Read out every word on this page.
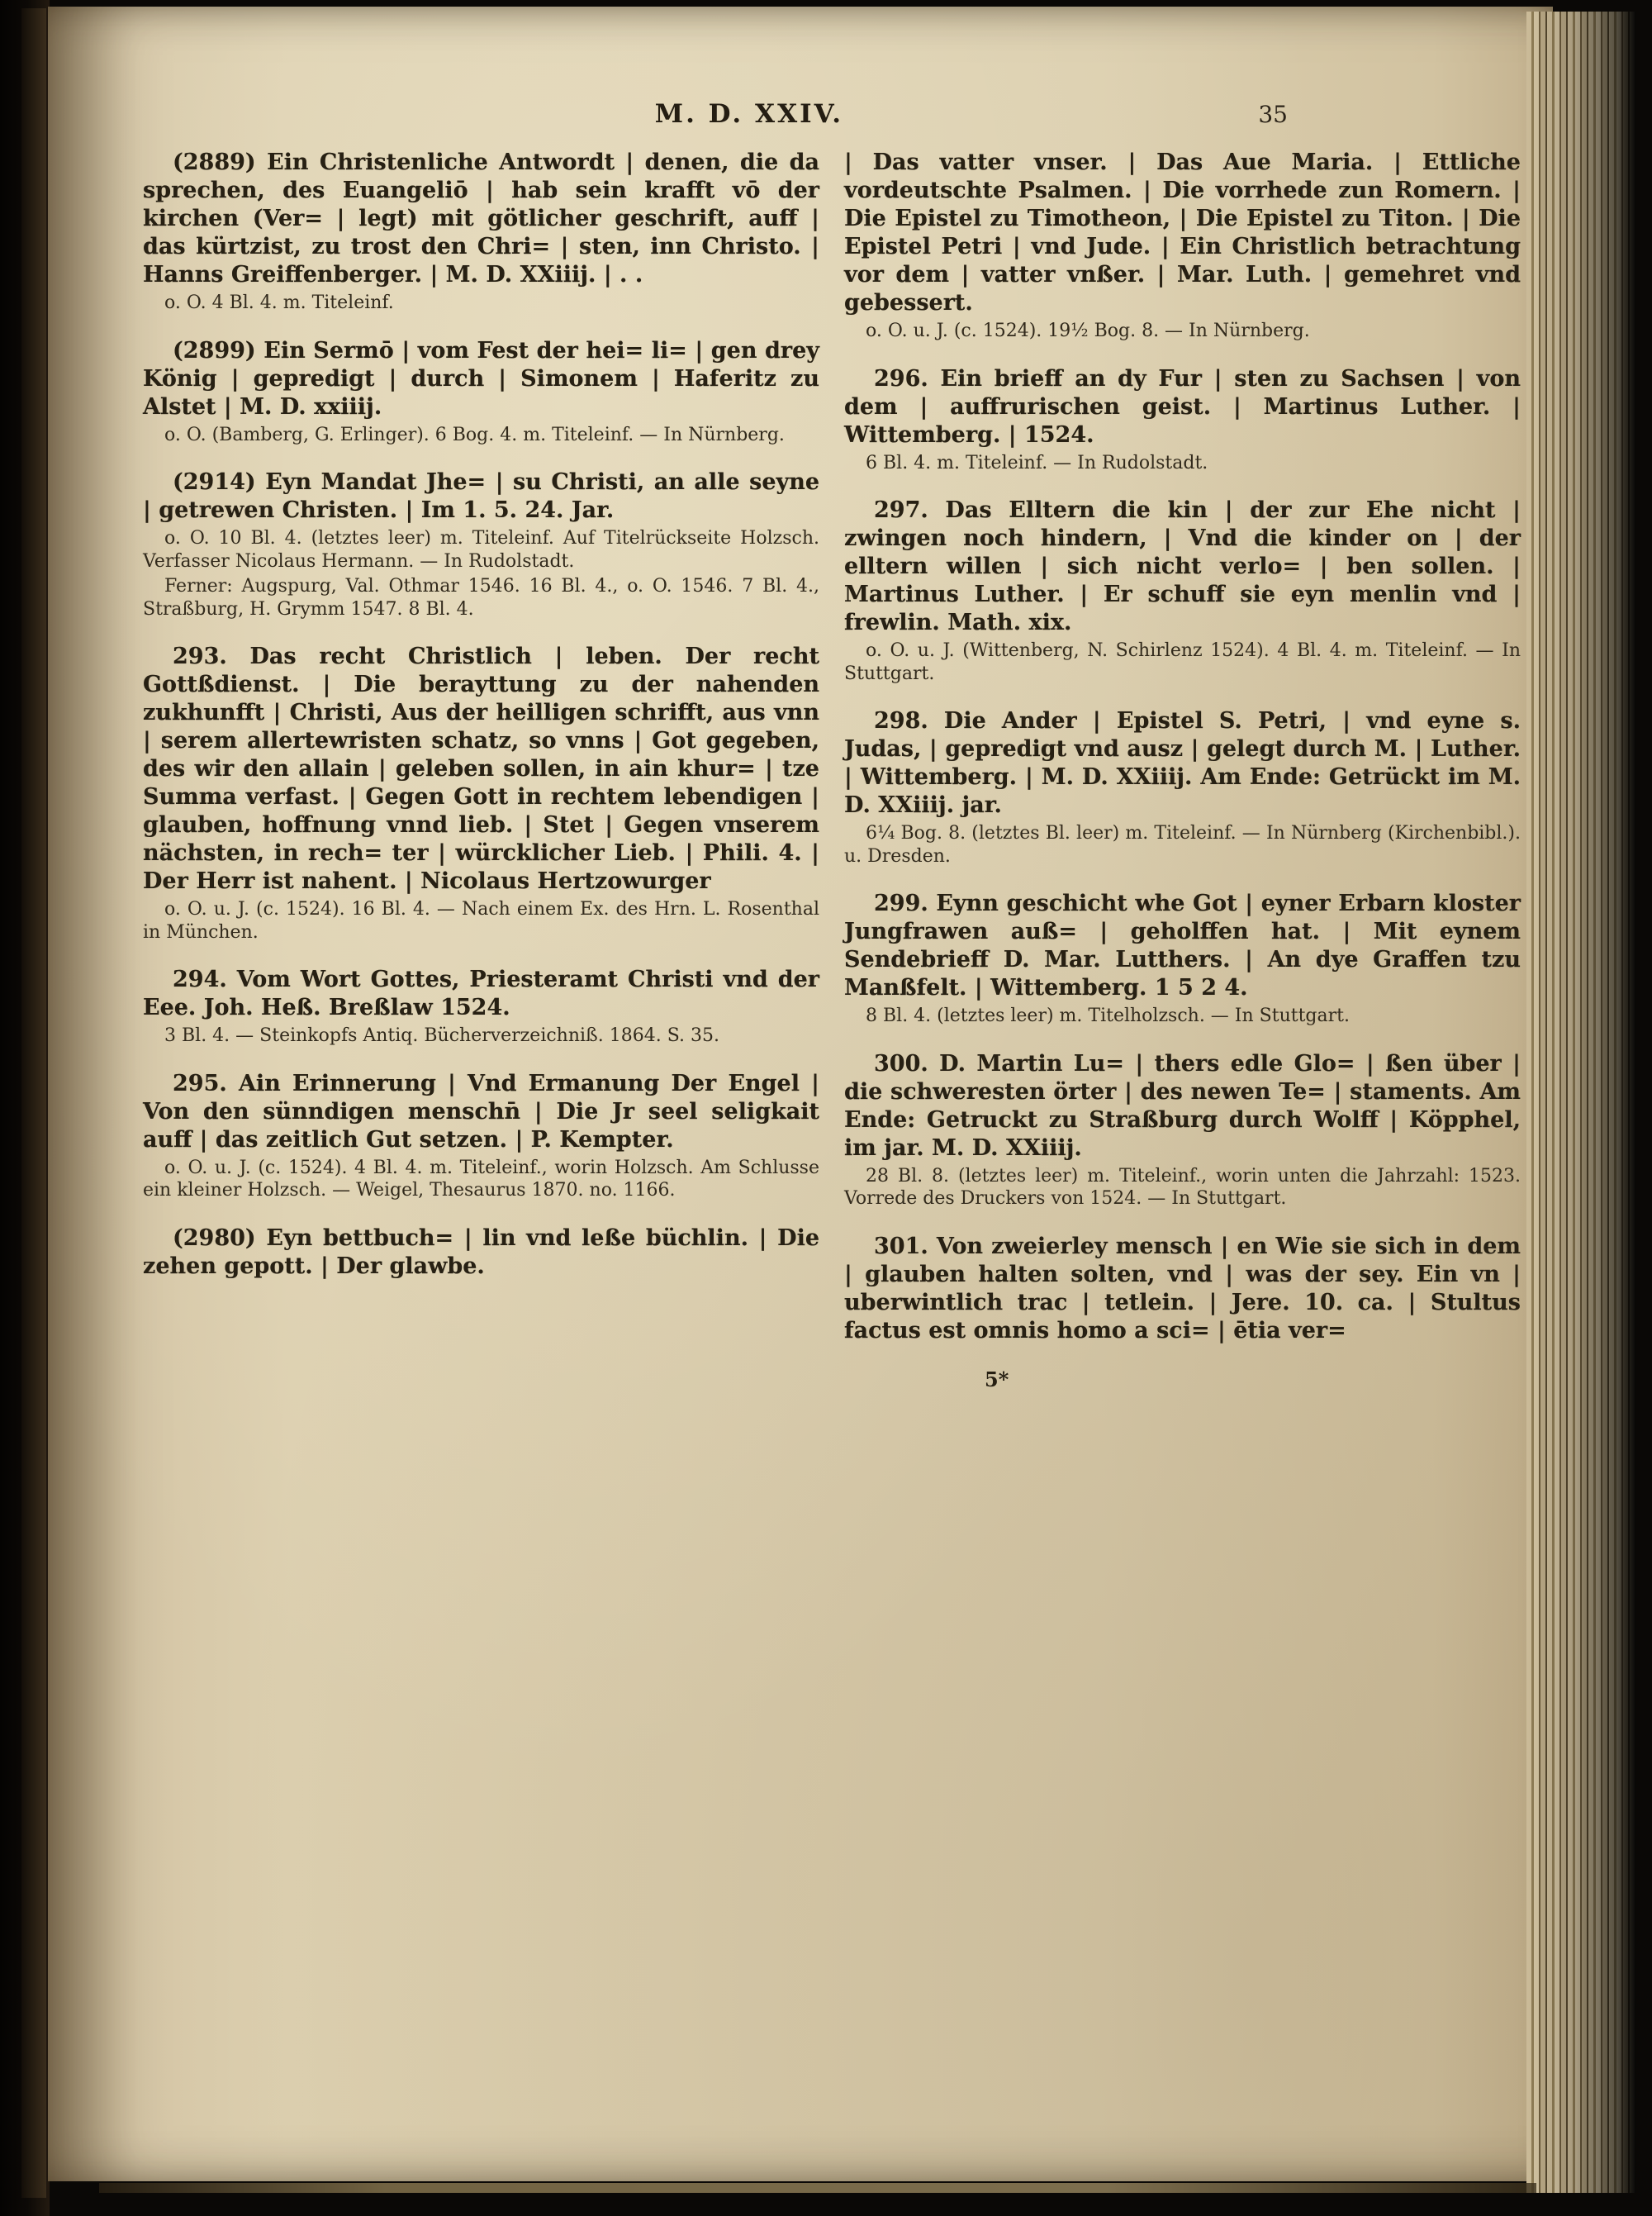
M. D. XXIV.	35

(2889) Ein Christenliche Antwordt | denen, die da sprechen, des Euangeliō | hab sein krafft vō der kirchen (Ver= | legt) mit götlicher geschrift, auff | das kürtzist, zu trost den Chri= | sten, inn Christo. | Hanns Greiffenberger. | M. D. XXiiij. | . .

o. O. 4 Bl. 4. m. Titeleinf.

(2899) Ein Sermō | vom Fest der hei= li= | gen drey König | gepredigt | durch | Simonem | Haferitz zu Alstet | M. D. xxiiij.

o. O. (Bamberg, G. Erlinger). 6 Bog. 4. m. Titeleinf. — In Nürnberg.

(2914) Eyn Mandat Jhe= | su Christi, an alle seyne | getrewen Christen. | Im 1. 5. 24. Jar.

o. O. 10 Bl. 4. (letztes leer) m. Titeleinf. Auf Titelrückseite Holzsch. Verfasser Nicolaus Hermann. — In Rudolstadt.

Ferner: Augspurg, Val. Othmar 1546. 16 Bl. 4., o. O. 1546. 7 Bl. 4., Straßburg, H. Grymm 1547. 8 Bl. 4.

293. Das recht Christlich | leben. Der recht Gottßdienst. | Die berayttung zu der nahenden zukhunfft | Christi, Aus der heilligen schrifft, aus vnn | serem allertewristen schatz, so vnns | Got gegeben, des wir den allain | geleben sollen, in ain khur= | tze Summa verfast. | Gegen Gott in rechtem lebendigen | glauben, hoffnung vnnd lieb. | Stet | Gegen vnserem nächsten, in rech= ter | würcklicher Lieb. | Phili. 4. | Der Herr ist nahent. | Nicolaus Hertzowurger

o. O. u. J. (c. 1524). 16 Bl. 4. — Nach einem Ex. des Hrn. L. Rosenthal in München.

294. Vom Wort Gottes, Priesteramt Christi vnd der Eee. Joh. Heß. Breßlaw 1524.

3 Bl. 4. — Steinkopfs Antiq. Bücherverzeichniß. 1864. S. 35.

295. Ain Erinnerung | Vnd Ermanung Der Engel | Von den sünndigen menschn̄ | Die Jr seel seligkait auff | das zeitlich Gut setzen. | P. Kempter.

o. O. u. J. (c. 1524). 4 Bl. 4. m. Titeleinf., worin Holzsch. Am Schlusse ein kleiner Holzsch. — Weigel, Thesaurus 1870. no. 1166.

(2980) Eyn bettbuch= | lin vnd leße büchlin. | Die zehen gepott. | Der glawbe.

| Das vatter vnser. | Das Aue Maria. | Ettliche vordeutschte Psalmen. | Die vorrhede zun Romern. | Die Epistel zu Timotheon, | Die Epistel zu Titon. | Die Epistel Petri | vnd Jude. | Ein Christlich betrachtung vor dem | vatter vnßer. | Mar. Luth. | gemehret vnd gebessert.

o. O. u. J. (c. 1524). 19½ Bog. 8. — In Nürnberg.

296. Ein brieff an dy Fur | sten zu Sachsen | von dem | auffrurischen geist. | Martinus Luther. | Wittemberg. | 1524.

6 Bl. 4. m. Titeleinf. — In Rudolstadt.

297. Das Elltern die kin | der zur Ehe nicht | zwingen noch hindern, | Vnd die kinder on | der elltern willen | sich nicht verlo= | ben sollen. | Martinus Luther. | Er schuff sie eyn menlin vnd | frewlin. Math. xix.

o. O. u. J. (Wittenberg, N. Schirlenz 1524). 4 Bl. 4. m. Titeleinf. — In Stuttgart.

298. Die Ander | Epistel S. Petri, | vnd eyne s. Judas, | gepredigt vnd ausz | gelegt durch M. | Luther. | Wittemberg. | M. D. XXiiij. Am Ende: Getrückt im M. D. XXiiij. jar.

6¼ Bog. 8. (letztes Bl. leer) m. Titeleinf. — In Nürnberg (Kirchenbibl.). u. Dresden.

299. Eynn geschicht whe Got | eyner Erbarn kloster Jungfrawen auß= | geholffen hat. | Mit eynem Sendebrieff D. Mar. Lutthers. | An dye Graffen tzu Manßfelt. | Wittemberg. 1 5 2 4.

8 Bl. 4. (letztes leer) m. Titelholzsch. — In Stuttgart.

300. D. Martin Lu= | thers edle Glo= | ßen über | die schweresten örter | des newen Te= | staments. Am Ende: Getruckt zu Straßburg durch Wolff | Köpphel, im jar. M. D. XXiiij.

28 Bl. 8. (letztes leer) m. Titeleinf., worin unten die Jahrzahl: 1523. Vorrede des Druckers von 1524. — In Stuttgart.

301. Von zweierley mensch | en Wie sie sich in dem | glauben halten solten, vnd | was der sey. Ein vn | uberwintlich trac | tetlein. | Jere. 10. ca. | Stultus factus est omnis homo a sci= | ētia ver=

5*
